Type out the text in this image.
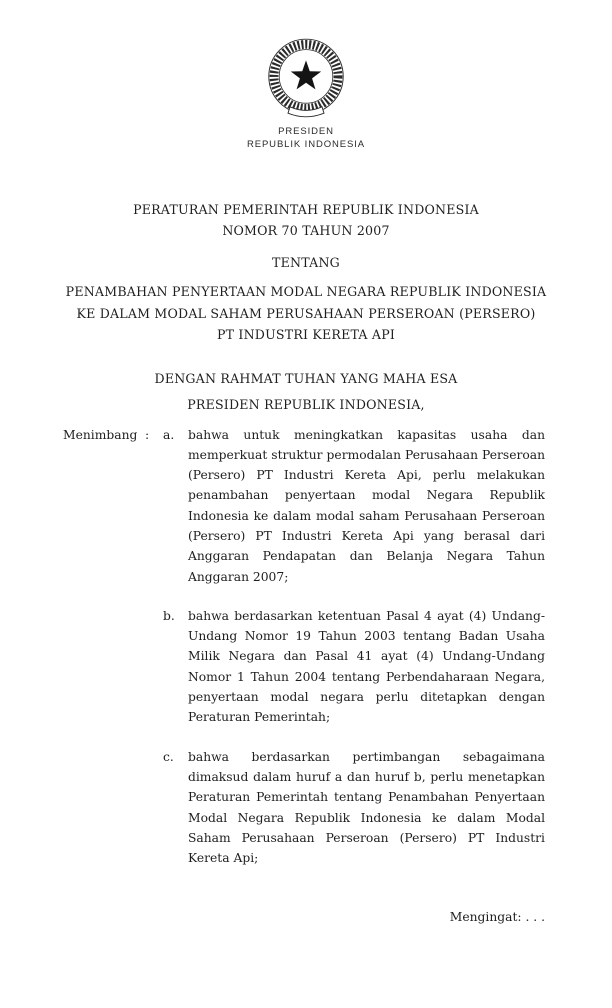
PRESIDEN
REPUBLIK INDONESIA
PERATURAN PEMERINTAH REPUBLIK INDONESIA
NOMOR 70 TAHUN 2007
TENTANG
PENAMBAHAN PENYERTAAN MODAL NEGARA REPUBLIK INDONESIA
KE DALAM MODAL SAHAM PERUSAHAAN PERSEROAN (PERSERO)
PT INDUSTRI KERETA API
DENGAN RAHMAT TUHAN YANG MAHA ESA
PRESIDEN REPUBLIK INDONESIA,
Menimbang :	a.	bahwa untuk meningkatkan kapasitas usaha dan memperkuat struktur permodalan Perusahaan Perseroan (Persero) PT Industri Kereta Api, perlu melakukan penambahan penyertaan modal Negara Republik Indonesia ke dalam modal saham Perusahaan Perseroan (Persero) PT Industri Kereta Api yang berasal dari Anggaran Pendapatan dan Belanja Negara Tahun Anggaran 2007;
b.	bahwa berdasarkan ketentuan Pasal 4 ayat (4) Undang-Undang Nomor 19 Tahun 2003 tentang Badan Usaha Milik Negara dan Pasal 41 ayat (4) Undang-Undang Nomor 1 Tahun 2004 tentang Perbendaharaan Negara, penyertaan modal negara perlu ditetapkan dengan Peraturan Pemerintah;
c.	bahwa berdasarkan pertimbangan sebagaimana dimaksud dalam huruf a dan huruf b, perlu menetapkan Peraturan Pemerintah tentang Penambahan Penyertaan Modal Negara Republik Indonesia ke dalam Modal Saham Perusahaan Perseroan (Persero) PT Industri Kereta Api;
Mengingat: . . .
